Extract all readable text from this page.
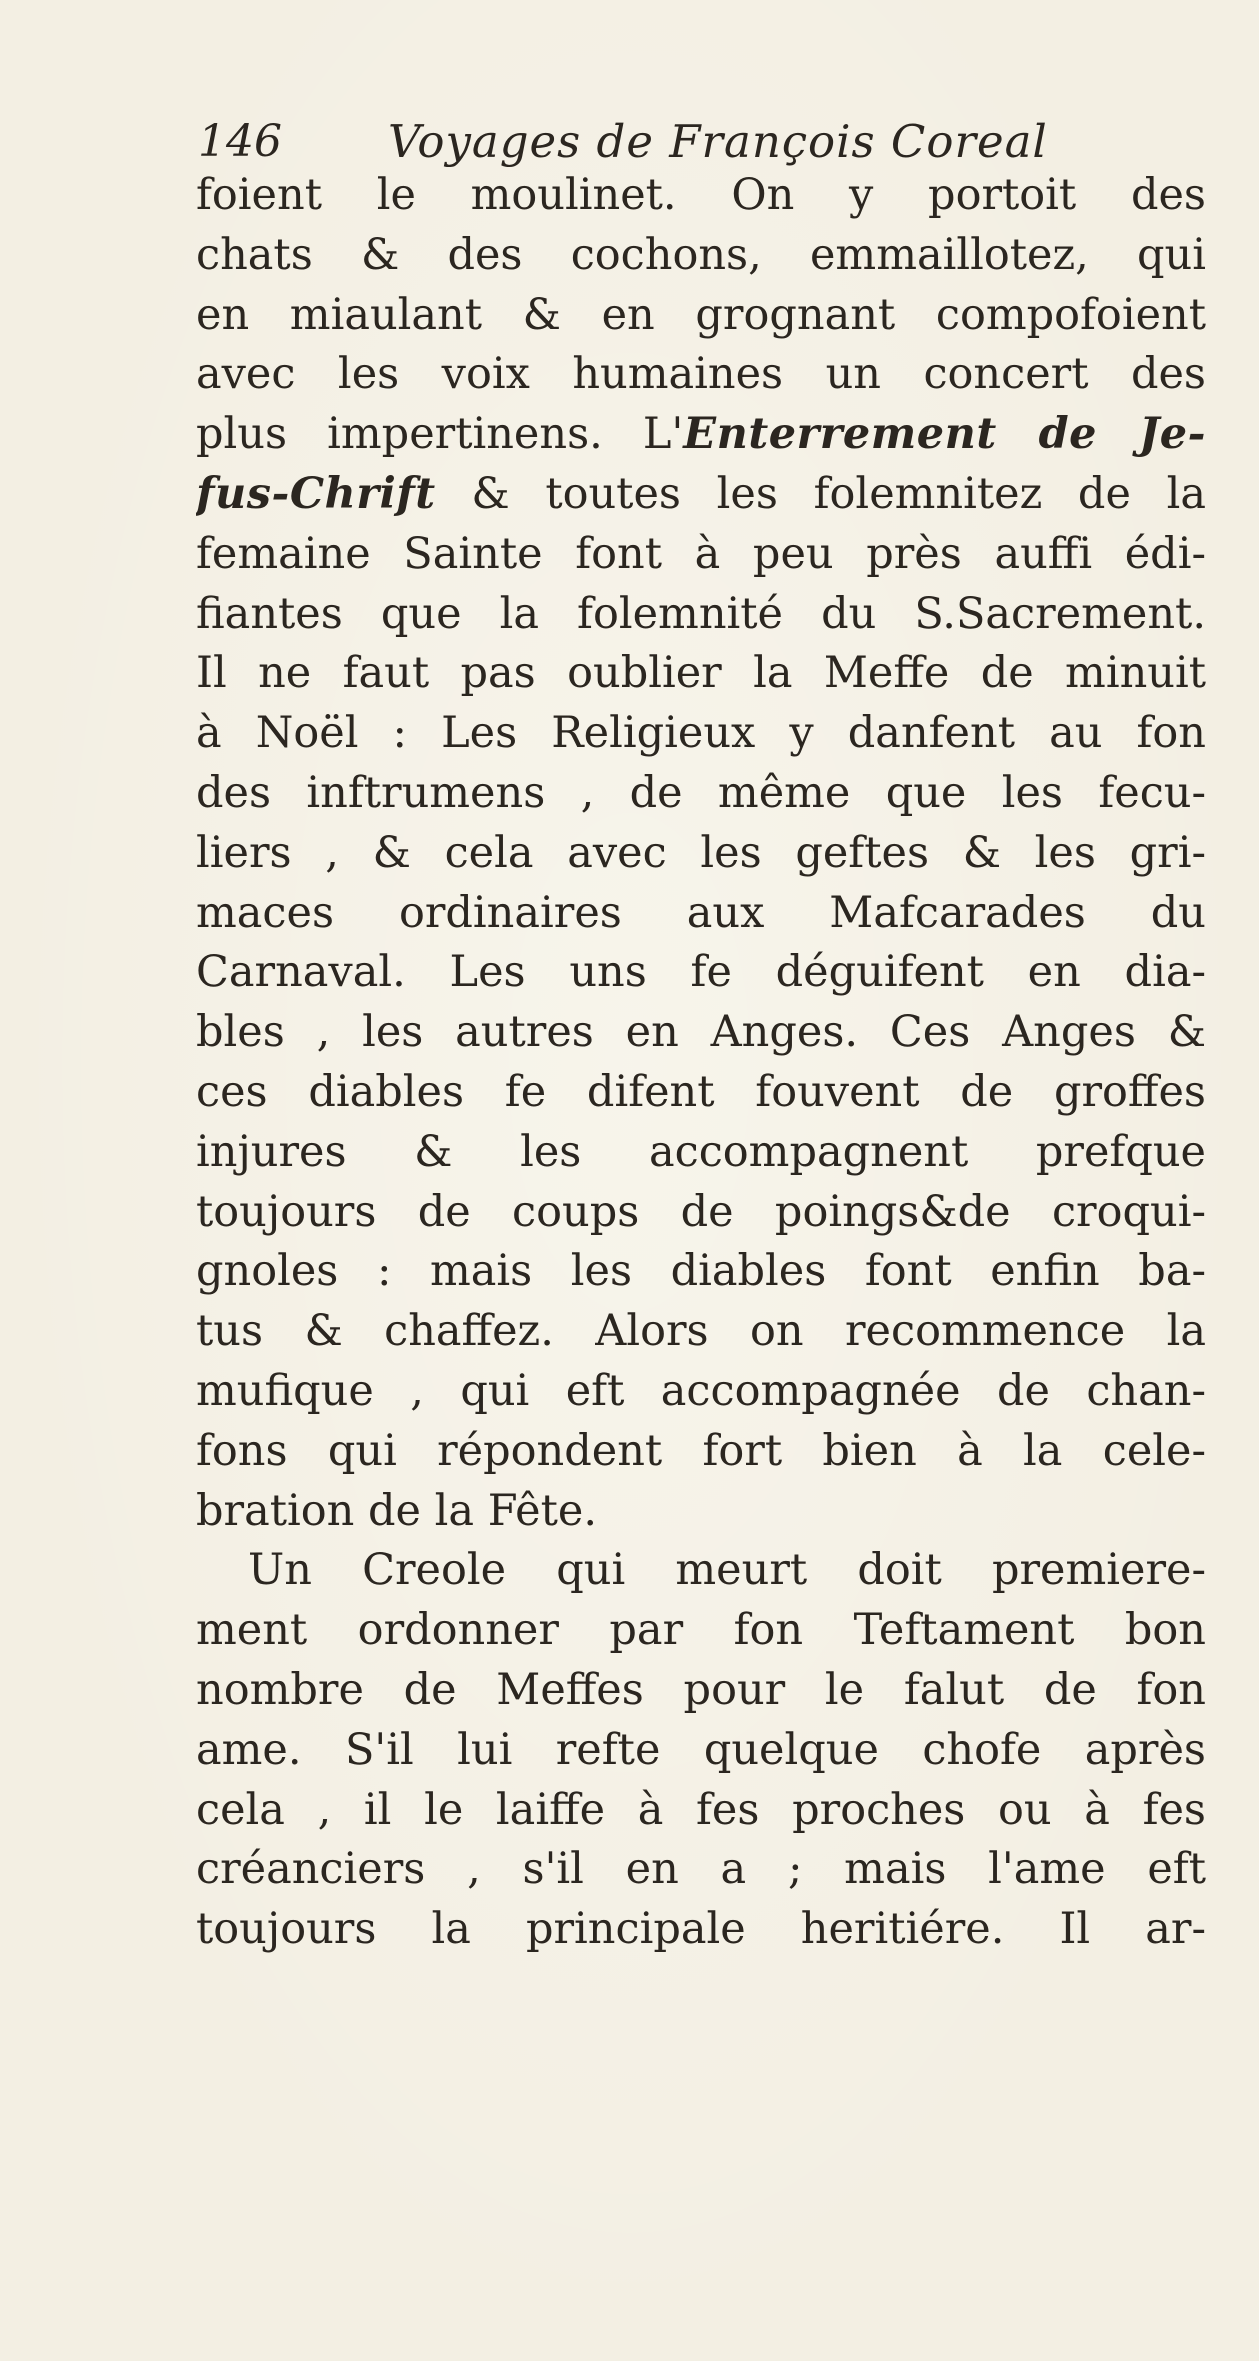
146 Voyages de François Coreal
foient le moulinet. On y portoit des
chats & des cochons, emmaillotez, qui
en miaulant & en grognant compofoient
avec les voix humaines un concert des
plus impertinens. L'Enterrement de Je-
fus-Chrift & toutes les folemnitez de la
femaine Sainte font à peu près auffi édi-
fiantes que la folemnité du S.Sacrement.
Il ne faut pas oublier la Meffe de minuit
à Noël : Les Religieux y danfent au fon
des inftrumens , de même que les fecu-
liers , & cela avec les geftes & les gri-
maces ordinaires aux Mafcarades du
Carnaval. Les uns fe déguifent en dia-
bles , les autres en Anges. Ces Anges &
ces diables fe difent fouvent de groffes
injures & les accompagnent prefque
toujours de coups de poings&de croqui-
gnoles : mais les diables font enfin ba-
tus & chaffez. Alors on recommence la
mufique , qui eft accompagnée de chan-
fons qui répondent fort bien à la cele-
bration de la Fête.
Un Creole qui meurt doit premiere-
ment ordonner par fon Teftament bon
nombre de Meffes pour le falut de fon
ame. S'il lui refte quelque chofe après
cela , il le laiffe à fes proches ou à fes
créanciers , s'il en a ; mais l'ame eft
toujours la principale heritiére. Il ar-
